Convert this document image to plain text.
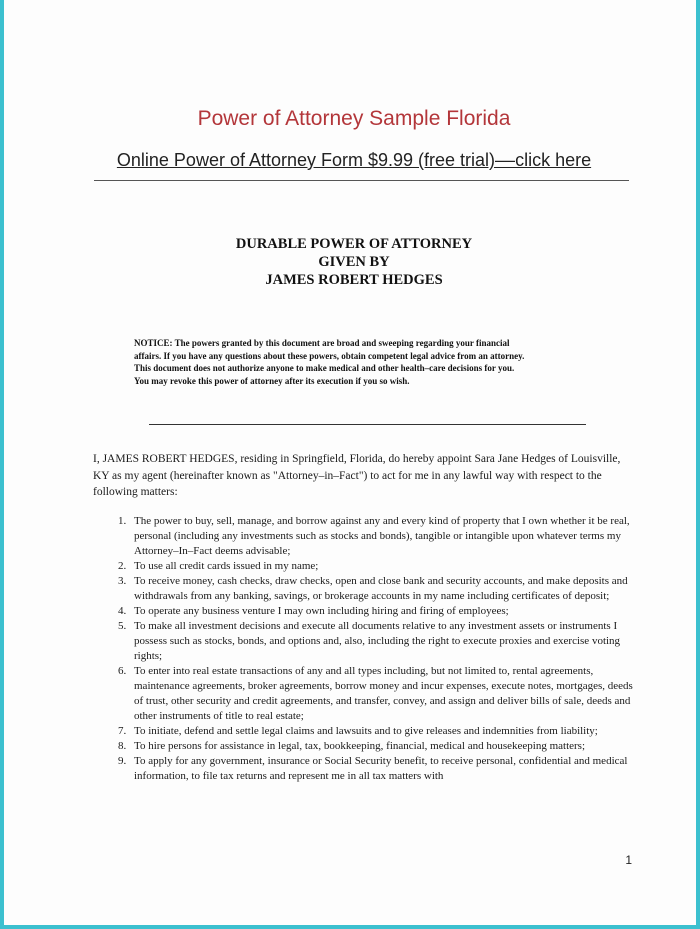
Power of Attorney Sample Florida
Online Power of Attorney Form $9.99 (free trial)––click here
DURABLE POWER OF ATTORNEY
GIVEN BY
JAMES ROBERT HEDGES
NOTICE: The powers granted by this document are broad and sweeping regarding your financial
affairs. If you have any questions about these powers, obtain competent legal advice from an attorney.
This document does not authorize anyone to make medical and other health–care decisions for you.
You may revoke this power of attorney after its execution if you so wish.

I, JAMES ROBERT HEDGES, residing in Springfield, Florida, do hereby appoint Sara Jane Hedges of Louisville, KY as my agent (hereinafter known as "Attorney–in–Fact") to act for me in any lawful way with respect to the following matters:

1. The power to buy, sell, manage, and borrow against any and every kind of property that I own whether it be real, personal (including any investments such as stocks and bonds), tangible or intangible upon whatever terms my Attorney–In–Fact deems advisable;
2. To use all credit cards issued in my name;
3. To receive money, cash checks, draw checks, open and close bank and security accounts, and make deposits and withdrawals from any banking, savings, or brokerage accounts in my name including certificates of deposit;
4. To operate any business venture I may own including hiring and firing of employees;
5. To make all investment decisions and execute all documents relative to any investment assets or instruments I possess such as stocks, bonds, and options and, also, including the right to execute proxies and exercise voting rights;
6. To enter into real estate transactions of any and all types including, but not limited to, rental agreements, maintenance agreements, broker agreements, borrow money and incur expenses, execute notes, mortgages, deeds of trust, other security and credit agreements, and transfer, convey, and assign and deliver bills of sale, deeds and other instruments of title to real estate;
7. To initiate, defend and settle legal claims and lawsuits and to give releases and indemnities from liability;
8. To hire persons for assistance in legal, tax, bookkeeping, financial, medical and housekeeping matters;
9. To apply for any government, insurance or Social Security benefit, to receive personal, confidential and medical information, to file tax returns and represent me in all tax matters with
1
